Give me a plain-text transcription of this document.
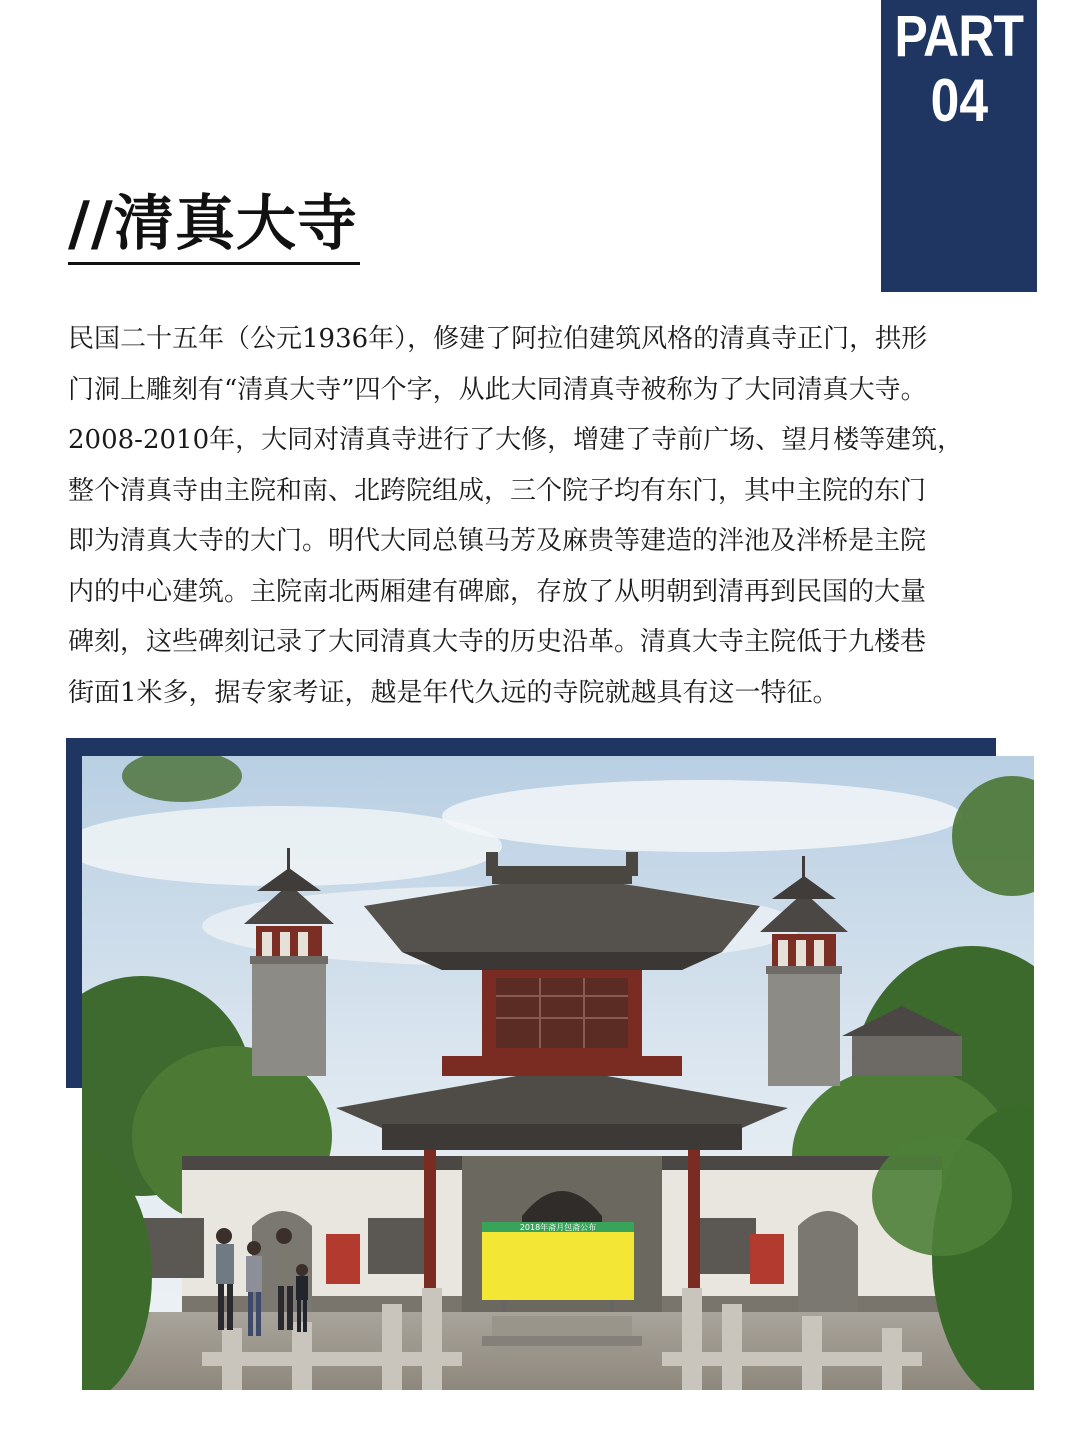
PART
04
//清真大寺
民国二十五年（公元1936年），修建了阿拉伯建筑风格的清真寺正门，拱形
门洞上雕刻有“清真大寺”四个字，从此大同清真寺被称为了大同清真大寺。
2008-2010年，大同对清真寺进行了大修，增建了寺前广场、望月楼等建筑，
整个清真寺由主院和南、北跨院组成，三个院子均有东门，其中主院的东门
即为清真大寺的大门。明代大同总镇马芳及麻贵等建造的泮池及泮桥是主院
内的中心建筑。主院南北两厢建有碑廊，存放了从明朝到清再到民国的大量
碑刻，这些碑刻记录了大同清真大寺的历史沿革。清真大寺主院低于九楼巷
街面1米多，据专家考证，越是年代久远的寺院就越具有这一特征。
2018年斋月包斋公布
